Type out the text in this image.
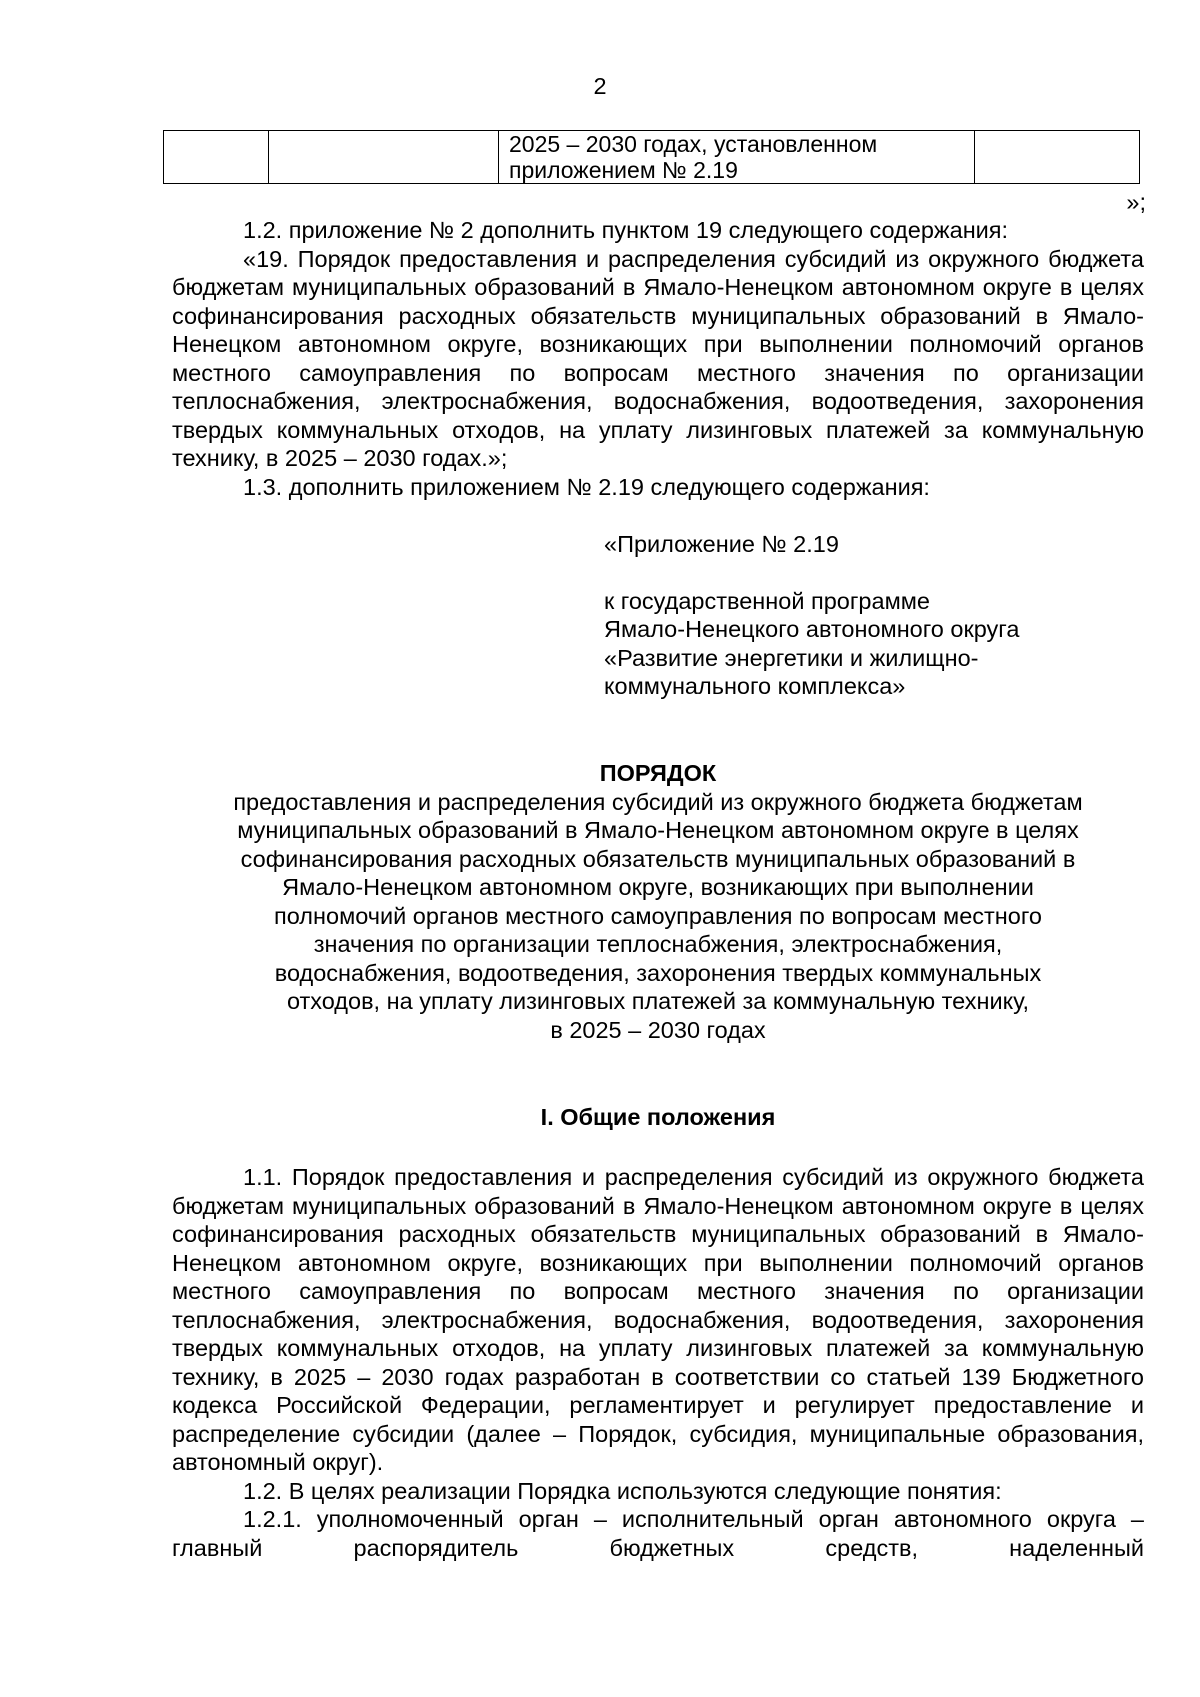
2
		2025 – 2030 годах, установленном
приложением № 2.19	
»;

1.2. приложение № 2 дополнить пунктом 19 следующего содержания:

«19. Порядок предоставления и распределения субсидий из окружного бюджета бюджетам муниципальных образований в Ямало-Ненецком автономном округе в целях софинансирования расходных обязательств муниципальных образований в Ямало-Ненецком автономном округе, возникающих при выполнении полномочий органов местного самоуправления по вопросам местного значения по организации теплоснабжения, электроснабжения, водоснабжения, водоотведения, захоронения твердых коммунальных отходов, на уплату лизинговых платежей за коммунальную технику, в 2025 – 2030 годах.»;

1.3. дополнить приложением № 2.19 следующего содержания:

«Приложение № 2.19

к государственной программе

Ямало-Ненецкого автономного округа

«Развитие энергетики и жилищно-

коммунального комплекса»

ПОРЯДОК

предоставления и распределения субсидий из окружного бюджета бюджетам

муниципальных образований в Ямало-Ненецком автономном округе в целях

софинансирования расходных обязательств муниципальных образований в

Ямало-Ненецком автономном округе, возникающих при выполнении

полномочий органов местного самоуправления по вопросам местного

значения по организации теплоснабжения, электроснабжения,

водоснабжения, водоотведения, захоронения твердых коммунальных

отходов, на уплату лизинговых платежей за коммунальную технику,

в 2025 – 2030 годах

I. Общие положения

1.1. Порядок предоставления и распределения субсидий из окружного бюджета бюджетам муниципальных образований в Ямало-Ненецком автономном округе в целях софинансирования расходных обязательств муниципальных образований в Ямало-Ненецком автономном округе, возникающих при выполнении полномочий органов местного самоуправления по вопросам местного значения по организации теплоснабжения, электроснабжения, водоснабжения, водоотведения, захоронения твердых коммунальных отходов, на уплату лизинговых платежей за коммунальную технику, в 2025 – 2030 годах разработан в соответствии со статьей 139 Бюджетного кодекса Российской Федерации, регламентирует и регулирует предоставление и распределение субсидии (далее – Порядок, субсидия, муниципальные образования, автономный округ).

1.2. В целях реализации Порядка используются следующие понятия:

1.2.1. уполномоченный орган – исполнительный орган автономного округа – главный распорядитель бюджетных средств, наделенный
